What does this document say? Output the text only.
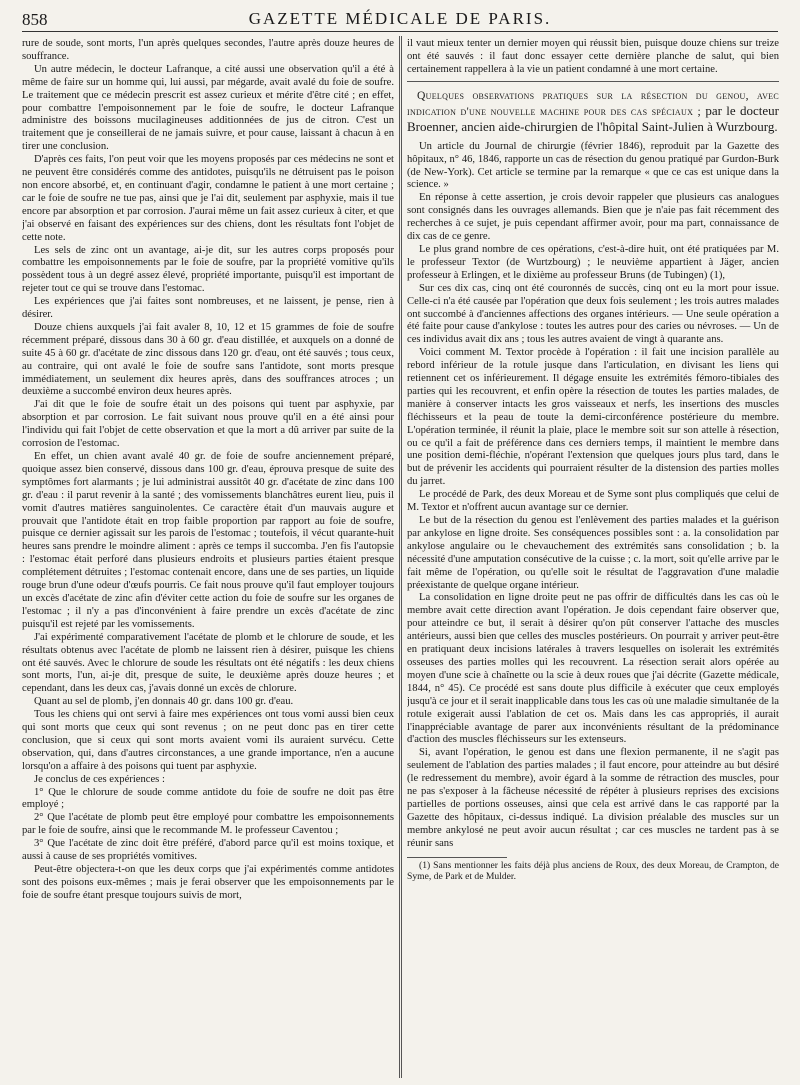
858	GAZETTE MÉDICALE DE PARIS.

rure de soude, sont morts, l'un après quelques secondes, l'autre après douze heures de souffrance.

Un autre médecin, le docteur Lafranque, a cité aussi une observation qu'il a été à même de faire sur un homme qui, lui aussi, par mégarde, avait avalé du foie de soufre. Le traitement que ce médecin prescrit est assez curieux et mérite d'être cité ; en effet, pour combattre l'empoisonnement par le foie de soufre, le docteur Lafranque administre des boissons mucilagineuses additionnées de jus de citron. C'est un traitement que je conseillerai de ne jamais suivre, et pour cause, laissant à chacun à en tirer une conclusion.

D'après ces faits, l'on peut voir que les moyens proposés par ces médecins ne sont et ne peuvent être considérés comme des antidotes, puisqu'ils ne détruisent pas le poison non encore absorbé, et, en continuant d'agir, condamne le patient à une mort certaine ; car le foie de soufre ne tue pas, ainsi que je l'ai dit, seulement par asphyxie, mais il tue encore par absorption et par corrosion. J'aurai même un fait assez curieux à citer, et que j'ai observé en faisant des expériences sur des chiens, dont les résultats font l'objet de cette note.

Les sels de zinc ont un avantage, ai-je dit, sur les autres corps proposés pour combattre les empoisonnements par le foie de soufre, par la propriété vomitive qu'ils possèdent tous à un degré assez élevé, propriété importante, puisqu'il est important de rejeter tout ce qui se trouve dans l'estomac.

Les expériences que j'ai faites sont nombreuses, et ne laissent, je pense, rien à désirer.

Douze chiens auxquels j'ai fait avaler 8, 10, 12 et 15 grammes de foie de soufre récemment préparé, dissous dans 30 à 60 gr. d'eau distillée, et auxquels on a donné de suite 45 à 60 gr. d'acétate de zinc dissous dans 120 gr. d'eau, ont été sauvés ; tous ceux, au contraire, qui ont avalé le foie de soufre sans l'antidote, sont morts presque immédiatement, un seulement dix heures après, dans des souffrances atroces ; un deuxième a succombé environ deux heures après.

J'ai dit que le foie de soufre était un des poisons qui tuent par asphyxie, par absorption et par corrosion. Le fait suivant nous prouve qu'il en a été ainsi pour l'individu qui fait l'objet de cette observation et que la mort a dû arriver par suite de la corrosion de l'estomac.

En effet, un chien avant avalé 40 gr. de foie de soufre anciennement préparé, quoique assez bien conservé, dissous dans 100 gr. d'eau, éprouva presque de suite des symptômes fort alarmants ; je lui administrai aussitôt 40 gr. d'acétate de zinc dans 100 gr. d'eau : il parut revenir à la santé ; des vomissements blanchâtres eurent lieu, puis il vomit d'autres matières sanguinolentes. Ce caractère était d'un mauvais augure et prouvait que l'antidote était en trop faible proportion par rapport au foie de soufre, puisque ce dernier agissait sur les parois de l'estomac ; toutefois, il vécut quarante-huit heures sans prendre le moindre aliment : après ce temps il succomba. J'en fis l'autopsie : l'estomac était perforé dans plusieurs endroits et plusieurs parties étaient presque complétement détruites ; l'estomac contenait encore, dans une de ses parties, un liquide rouge brun d'une odeur d'œufs pourris. Ce fait nous prouve qu'il faut employer toujours un excès d'acétate de zinc afin d'éviter cette action du foie de soufre sur les organes de l'estomac ; il n'y a pas d'inconvénient à faire prendre un excès d'acétate de zinc puisqu'il est rejeté par les vomissements.

J'ai expérimenté comparativement l'acétate de plomb et le chlorure de soude, et les résultats obtenus avec l'acétate de plomb ne laissent rien à désirer, puisque les chiens ont été sauvés. Avec le chlorure de soude les résultats ont été négatifs : les deux chiens sont morts, l'un, ai-je dit, presque de suite, le deuxième après douze heures ; et cependant, dans les deux cas, j'avais donné un excès de chlorure.

Quant au sel de plomb, j'en donnais 40 gr. dans 100 gr. d'eau.

Tous les chiens qui ont servi à faire mes expériences ont tous vomi aussi bien ceux qui sont morts que ceux qui sont revenus ; on ne peut donc pas en tirer cette conclusion, que si ceux qui sont morts avaient vomi ils auraient survécu. Cette observation, qui, dans d'autres circonstances, a une grande importance, n'en a aucune lorsqu'on a affaire à des poisons qui tuent par asphyxie.

Je conclus de ces expériences :

1° Que le chlorure de soude comme antidote du foie de soufre ne doit pas être employé ;

2° Que l'acétate de plomb peut être employé pour combattre les empoisonnements par le foie de soufre, ainsi que le recommande M. le professeur Caventou ;

3° Que l'acétate de zinc doit être préféré, d'abord parce qu'il est moins toxique, et aussi à cause de ses propriétés vomitives.

Peut-être objectera-t-on que les deux corps que j'ai expérimentés comme antidotes sont des poisons eux-mêmes ; mais je ferai observer que les empoisonnements par le foie de soufre étant presque toujours suivis de mort,

il vaut mieux tenter un dernier moyen qui réussit bien, puisque douze chiens sur treize ont été sauvés : il faut donc essayer cette dernière planche de salut, qui bien certainement rappellera à la vie un patient condamné à une mort certaine.

Quelques observations pratiques sur la résection du genou, avec indication d'une nouvelle machine pour des cas spéciaux ; par le docteur Broenner, ancien aide-chirurgien de l'hôpital Saint-Julien à Wurzbourg.

Un article du Journal de chirurgie (février 1846), reproduit par la Gazette des hôpitaux, n° 46, 1846, rapporte un cas de résection du genou pratiqué par Gurdon-Burk (de New-York). Cet article se termine par la remarque « que ce cas est unique dans la science. »

En réponse à cette assertion, je crois devoir rappeler que plusieurs cas analogues sont consignés dans les ouvrages allemands. Bien que je n'aie pas fait récemment des recherches à ce sujet, je puis cependant affirmer avoir, pour ma part, connaissance de dix cas de ce genre.

Le plus grand nombre de ces opérations, c'est-à-dire huit, ont été pratiquées par M. le professeur Textor (de Wurtzbourg) ; le neuvième appartient à Jäger, ancien professeur à Erlingen, et le dixième au professeur Bruns (de Tubingen) (1),

Sur ces dix cas, cinq ont été couronnés de succès, cinq ont eu la mort pour issue. Celle-ci n'a été causée par l'opération que deux fois seulement ; les trois autres malades ont succombé à d'anciennes affections des organes intérieurs. — Une seule opération a été faite pour cause d'ankylose : toutes les autres pour des caries ou névroses. — Un de ces individus avait dix ans ; tous les autres avaient de vingt à quarante ans.

Voici comment M. Textor procède à l'opération : il fait une incision parallèle au rebord inférieur de la rotule jusque dans l'articulation, en divisant les liens qui retiennent cet os inférieurement. Il dégage ensuite les extrémités fémoro-tibiales des parties qui les recouvrent, et enfin opère la résection de toutes les parties malades, de manière à conserver intacts les gros vaisseaux et nerfs, les insertions des muscles fléchisseurs et la peau de toute la demi-circonférence postérieure du membre. L'opération terminée, il réunit la plaie, place le membre soit sur son attelle à résection, ou ce qu'il a fait de préférence dans ces derniers temps, il maintient le membre dans une position demi-fléchie, n'opérant l'extension que quelques jours plus tard, dans le but de prévenir les accidents qui pourraient résulter de la distension des parties molles du jarret.

Le procédé de Park, des deux Moreau et de Syme sont plus compliqués que celui de M. Textor et n'offrent aucun avantage sur ce dernier.

Le but de la résection du genou est l'enlèvement des parties malades et la guérison par ankylose en ligne droite. Ses conséquences possibles sont : a. la consolidation par ankylose angulaire ou le chevauchement des extrémités sans consolidation ; b. la nécessité d'une amputation consécutive de la cuisse ; c. la mort, soit qu'elle arrive par le fait même de l'opération, ou qu'elle soit le résultat de l'aggravation d'une maladie préexistante de quelque organe intérieur.

La consolidation en ligne droite peut ne pas offrir de difficultés dans les cas où le membre avait cette direction avant l'opération. Je dois cependant faire observer que, pour atteindre ce but, il serait à désirer qu'on pût conserver l'attache des muscles antérieurs, aussi bien que celles des muscles postérieurs. On pourrait y arriver peut-être en pratiquant deux incisions latérales à travers lesquelles on isolerait les extrémités osseuses des parties molles qui les recouvrent. La résection serait alors opérée au moyen d'une scie à chaînette ou la scie à deux roues que j'ai décrite (Gazette médicale, 1844, n° 45). Ce procédé est sans doute plus difficile à exécuter que ceux employés jusqu'à ce jour et il serait inapplicable dans tous les cas où une maladie simultanée de la rotule exigerait aussi l'ablation de cet os. Mais dans les cas appropriés, il aurait l'inappréciable avantage de parer aux inconvénients résultant de la prédominance d'action des muscles fléchisseurs sur les extenseurs.

Si, avant l'opération, le genou est dans une flexion permanente, il ne s'agit pas seulement de l'ablation des parties malades ; il faut encore, pour atteindre au but désiré (le redressement du membre), avoir égard à la somme de rétraction des muscles, pour ne pas s'exposer à la fâcheuse nécessité de répéter à plusieurs reprises des excisions partielles de portions osseuses, ainsi que cela est arrivé dans le cas rapporté par la Gazette des hôpitaux, ci-dessus indiqué. La division préalable des muscles sur un membre ankylosé ne peut avoir aucun résultat ; car ces muscles ne tardent pas à se réunir sans

(1) Sans mentionner les faits déjà plus anciens de Roux, des deux Moreau, de Crampton, de Syme, de Park et de Mulder.
